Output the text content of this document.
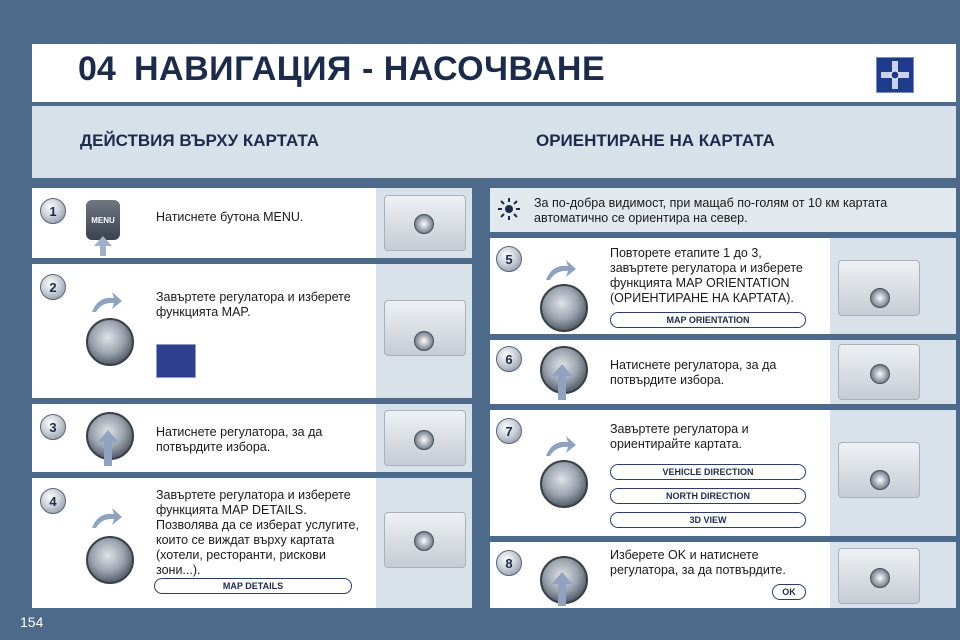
04 НАВИГАЦИЯ - НАСОЧВАНЕ
ДЕЙСТВИЯ ВЪРХУ КАРТАТА	ОРИЕНТИРАНЕ НА КАРТАТА
1
MENU	Натиснете бутона MENU.
2
Завъртете регулатора и изберете функцията MAP.
3	Натиснете регулатора, за да потвърдите избора.
4	Завъртете регулатора и изберете функцията MAP DETAILS. Позволява да се изберат услугите, които се виждат върху картата (хотели, ресторанти, рискови зони...).
MAP DETAILS
За по-добра видимост, при мащаб по-голям от 10 км картата автоматично се ориентира на север.
5	Повторете етапите 1 до 3, завъртете регулатора и изберете функцията MAP ORIENTATION (ОРИЕНТИРАНЕ НА КАРТАТА).
MAP ORIENTATION
6	Натиснете регулатора, за да потвърдите избора.
7	Завъртете регулатора и ориентирайте картата.
VEHICLE DIRECTION
NORTH DIRECTION
3D VIEW
8
Изберете OK и натиснете регулатора, за да потвърдите.
OK
154
